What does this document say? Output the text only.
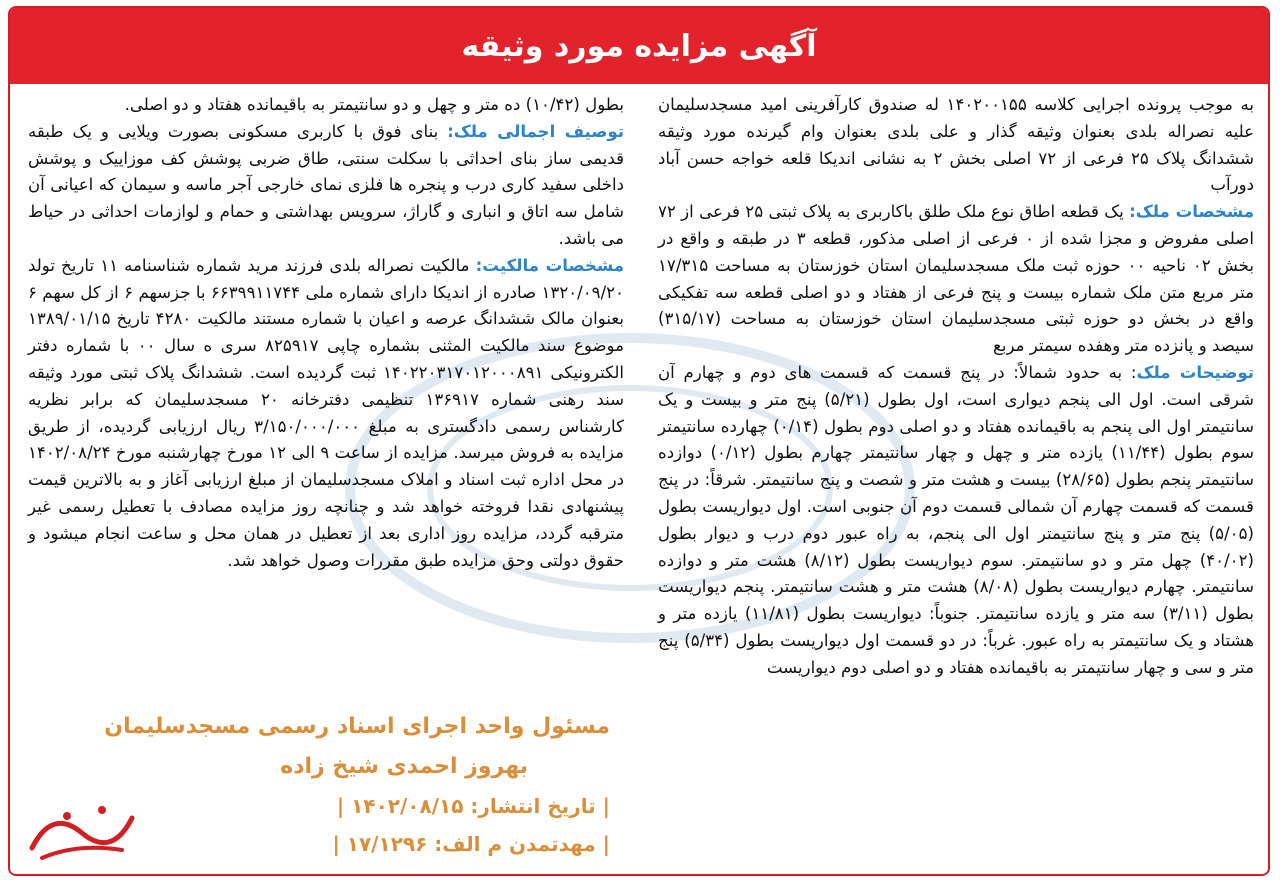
آگهی مزایده مورد وثیقه

به موجب پرونده اجرایی کلاسه ۱۴۰۲۰۰۱۵۵ له صندوق کارآفرینی امید مسجدسلیمان علیه نصراله بلدی بعنوان وثیقه گذار و علی بلدی بعنوان وام گیرنده مورد وثیقه ششدانگ پلاک ۲۵ فرعی از ۷۲ اصلی بخش ۲ به نشانی اندیکا قلعه خواجه حسن آباد دورآب

مشخصات ملک: یک قطعه اطاق نوع ملک طلق باکاربری به پلاک ثبتی ۲۵ فرعی از ۷۲ اصلی مفروض و مجزا شده از ۰ فرعی از اصلی مذکور، قطعه ۳ در طبقه و واقع در بخش ۰۲ ناحیه ۰۰ حوزه ثبت ملک مسجدسلیمان استان خوزستان به مساحت ۱۷/۳۱۵ متر مربع متن ملک شماره بیست و پنج فرعی از هفتاد و دو اصلی قطعه سه تفکیکی واقع در بخش دو حوزه ثبتی مسجدسلیمان استان خوزستان به مساحت (۳۱۵/۱۷) سیصد و پانزده متر وهفده سیمتر مربع

توضیحات ملک: به حدود شمالاً: در پنج قسمت که قسمت های دوم و چهارم آن شرقی است. اول الی پنجم دیواری است، اول بطول (۵/۲۱) پنج متر و بیست و یک سانتیمتر اول الی پنجم به باقیمانده هفتاد و دو اصلی دوم بطول (۰/۱۴) چهارده سانتیمتر سوم بطول (۱۱/۴۴) یازده متر و چهل و چهار سانتیمتر چهارم بطول (۰/۱۲) دوازده سانتیمتر پنجم بطول (۲۸/۶۵) بیست و هشت متر و شصت و پنج سانتیمتر. شرقاً: در پنج قسمت که قسمت چهارم آن شمالی قسمت دوم آن جنوبی است. اول دیواریست بطول (۵/۰۵) پنج متر و پنج سانتیمتر اول الی پنجم، به راه عبور دوم درب و دیوار بطول (۴۰/۰۲) چهل متر و دو سانتیمتر. سوم دیواریست بطول (۸/۱۲) هشت متر و دوازده سانتیمتر. چهارم دیواریست بطول (۸/۰۸) هشت متر و هشت سانتیمتر. پنجم دیواریست بطول (۳/۱۱) سه متر و یازده سانتیمتر. جنوباً: دیواریست بطول (۱۱/۸۱) یازده متر و هشتاد و یک سانتیمتر به راه عبور. غرباً: در دو قسمت اول دیواریست بطول (۵/۳۴) پنج متر و سی و چهار سانتیمتر به باقیمانده هفتاد و دو اصلی دوم دیواریست

بطول (۱۰/۴۲) ده متر و چهل و دو سانتیمتر به باقیمانده هفتاد و دو اصلی.

توصیف اجمالی ملک: بنای فوق با کاربری مسکونی بصورت ویلایی و یک طبقه قدیمی ساز بنای احداثی با سکلت سنتی، طاق ضربی پوشش کف موزاییک و پوشش داخلی سفید کاری درب و پنجره ها فلزی نمای خارجی آجر ماسه و سیمان که اعیانی آن شامل سه اتاق و انباری و گاراژ، سرویس بهداشتی و حمام و لوازمات احداثی در حیاط می باشد.

مشخصات مالکیت: مالکیت نصراله بلدی فرزند مرید شماره شناسنامه ۱۱ تاریخ تولد ۱۳۲۰/۰۹/۲۰ صادره از اندیکا دارای شماره ملی ۶۶۳۹۹۱۱۷۴۴ با جزسهم ۶ از کل سهم ۶ بعنوان مالک ششدانگ عرصه و اعیان با شماره مستند مالکیت ۴۲۸۰ تاریخ ۱۳۸۹/۰۱/۱۵ موضوع سند مالکیت المثنی بشماره چاپی ۸۲۵۹۱۷ سری ه سال ۰۰ با شماره دفتر الکترونیکی ۱۴۰۲۲۰۳۱۷۰۱۲۰۰۰۸۹۱ ثبت گردیده است. ششدانگ پلاک ثبتی مورد وثیقه سند رهنی شماره ۱۳۶۹۱۷ تنظیمی دفترخانه ۲۰ مسجدسلیمان که برابر نظریه کارشناس رسمی دادگستری به مبلغ ۳/۱۵۰/۰۰۰/۰۰۰ ریال ارزیابی گردیده، از طریق مزایده به فروش میرسد. مزایده از ساعت ۹ الی ۱۲ مورخ چهارشنبه مورخ ۱۴۰۲/۰۸/۲۴ در محل اداره ثبت اسناد و املاک مسجدسلیمان از مبلغ ارزیابی آغاز و به بالاترین قیمت پیشنهادی نقدا فروخته خواهد شد و چنانچه روز مزایده مصادف با تعطیل رسمی غیر مترقبه گردد، مزایده روز اداری بعد از تعطیل در همان محل و ساعت انجام میشود و حقوق دولتی وحق مزایده طبق مقررات وصول خواهد شد.

مسئول واحد اجرای اسناد رسمی مسجدسلیمان
بهروز احمدی شیخ زاده
| تاریخ انتشار: ۱۴۰۲/۰۸/۱۵ |
| مهدتمدن م الف: ۱۷/۱۲۹۶ |
